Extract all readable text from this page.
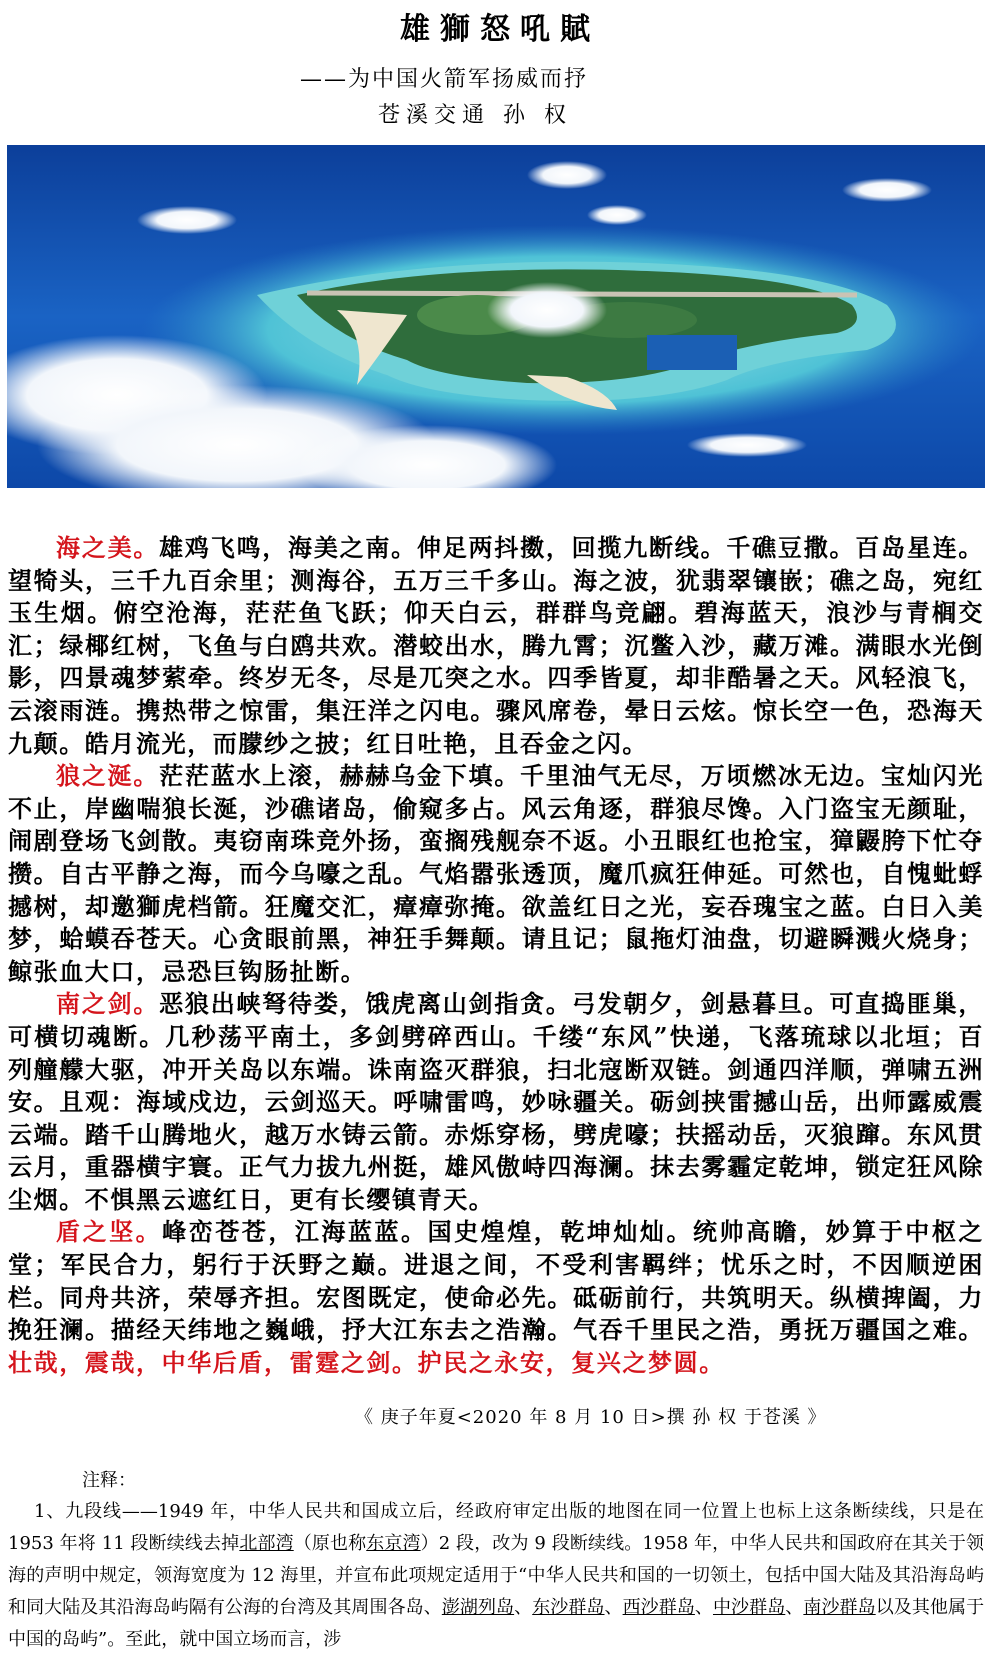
雄獅怒吼賦
——为中国火箭军扬威而抒
苍溪交通 孙 权

海之美。雄鸡飞鸣，海美之南。伸足两抖擞，回揽九断线。千礁豆撒。百岛星连。望犄头，三千九百余里；测海谷，五万三千多山。海之波，犹翡翠镶嵌；礁之岛，宛红玉生烟。俯空沧海，茫茫鱼飞跃；仰天白云，群群鸟竞翩。碧海蓝天，浪沙与青榈交汇；绿椰红树，飞鱼与白鸥共欢。潜蛟出水，腾九霄；沉鳖入沙，藏万滩。满眼水光倒影，四景魂梦萦牵。终岁无冬，尽是兀突之水。四季皆夏，却非酷暑之天。风轻浪飞，云滚雨涟。携热带之惊雷，集汪洋之闪电。骤风席卷，晕日云炫。惊长空一色，恐海天九颠。皓月流光，而朦纱之披；红日吐艳，且吞金之闪。

狼之涎。茫茫蓝水上滚，赫赫乌金下填。千里油气无尽，万顷燃冰无边。宝灿闪光不止，岸幽喘狼长涎，沙礁诸岛，偷窥多占。风云角逐，群狼尽馋。入门盗宝无颜耻，闹剧登场飞剑散。夷窃南珠竞外扬，蛮搁残舰奈不返。小丑眼红也抢宝，獐鼹胯下忙夺攒。自古平静之海，而今乌嚎之乱。气焰嚣张透顶，魔爪疯狂伸延。可然也，自愧蚍蜉撼树，却邀獅虎档箭。狂魔交汇，瘴瘴弥掩。欲盖红日之光，妄吞瑰宝之蓝。白日入美梦，蛤蟆吞苍天。心贪眼前黑，神狂手舞颠。请且记；鼠拖灯油盘，切避瞬溅火烧身；鲸张血大口，忌恐巨钩肠扯断。

南之剑。恶狼出峡弩待娄，饿虎离山剑指贪。弓发朝夕，剑悬暮旦。可直捣匪巢，可横切魂断。几秒荡平南土，多剑劈碎西山。千缕“东风”快递，飞落琉球以北垣；百列艟艨大驱，冲开关岛以东端。诛南盗灭群狼，扫北寇断双链。剑通四洋顺，弹啸五洲安。且观：海域戍边，云剑巡天。呼啸雷鸣，妙咏疆关。砺剑挟雷撼山岳，出师露威震云端。踏千山腾地火，越万水铸云箭。赤烁穿杨，劈虎嚎；扶摇动岳，灭狼蹿。东风贯云月，重器横宇寰。正气力拔九州挺，雄风傲峙四海澜。抹去雾霾定乾坤，锁定狂风除尘烟。不惧黑云遮红日，更有长缨镇青天。

盾之坚。峰峦苍苍，江海蓝蓝。国史煌煌，乾坤灿灿。统帅高瞻，妙算于中枢之堂；军民合力，躬行于沃野之巅。进退之间，不受利害羁绊；忧乐之时，不因顺逆困栏。同舟共济，荣辱齐担。宏图既定，使命必先。砥砺前行，共筑明天。纵横捭阖，力挽狂澜。描经天纬地之巍峨，抒大江东去之浩瀚。气吞千里民之浩，勇抚万疆国之难。壮哉，震哉，中华后盾，雷霆之剑。护民之永安，复兴之梦圆。

《 庚子年夏<2020 年 8 月 10 日>撰 孙 权 于苍溪 》
注释：

1、九段线——1949 年，中华人民共和国成立后，经政府审定出版的地图在同一位置上也标上这条断续线，只是在 1953 年将 11 段断续线去掉北部湾（原也称东京湾）2 段，改为 9 段断续线。1958 年，中华人民共和国政府在其关于领海的声明中规定，领海宽度为 12 海里，并宣布此项规定适用于“中华人民共和国的一切领土，包括中国大陆及其沿海岛屿和同大陆及其沿海岛屿隔有公海的台湾及其周围各岛、澎湖列岛、东沙群岛、西沙群岛、中沙群岛、南沙群岛以及其他属于中国的岛屿”。至此，就中国立场而言，涉
